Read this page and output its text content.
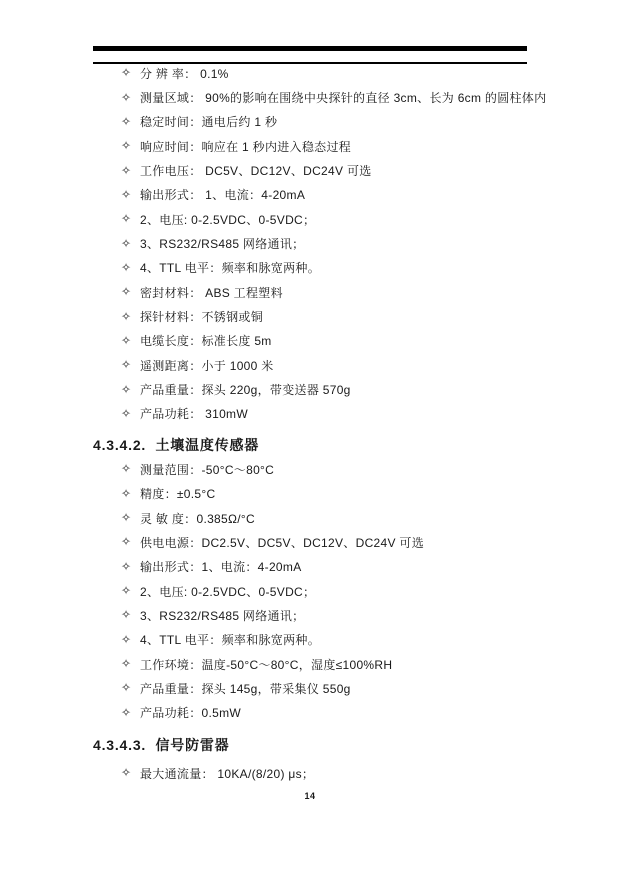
✧ 分 辨 率： 0.1%
✧ 测量区域： 90%的影响在围绕中央探针的直径 3cm、长为 6cm 的圆柱体内
✧ 稳定时间：通电后约 1 秒
✧ 响应时间：响应在 1 秒内进入稳态过程
✧ 工作电压： DC5V、DC12V、DC24V 可选
✧ 输出形式： 1、电流：4-20mA
✧ 2、电压: 0-2.5VDC、0-5VDC；
✧ 3、RS232/RS485 网络通讯；
✧ 4、TTL 电平：频率和脉宽两种。
✧ 密封材料： ABS 工程塑料
✧ 探针材料：不锈钢或铜
✧ 电缆长度：标准长度 5m
✧ 遥测距离：小于 1000 米
✧ 产品重量：探头 220g，带变送器 570g
✧ 产品功耗： 310mW
4.3.4.2.  土壤温度传感器
✧ 测量范围：-50°C～80°C
✧ 精度：±0.5°C
✧ 灵 敏 度：0.385Ω/°C
✧ 供电电源：DC2.5V、DC5V、DC12V、DC24V 可选
✧ 输出形式：1、电流：4-20mA
✧ 2、电压: 0-2.5VDC、0-5VDC；
✧ 3、RS232/RS485 网络通讯；
✧ 4、TTL 电平：频率和脉宽两种。
✧ 工作环境：温度-50°C～80°C，湿度≤100%RH
✧ 产品重量：探头 145g，带采集仪 550g
✧ 产品功耗：0.5mW
4.3.4.3.  信号防雷器
✧ 最大通流量： 10KA/(8/20) μs；
14
